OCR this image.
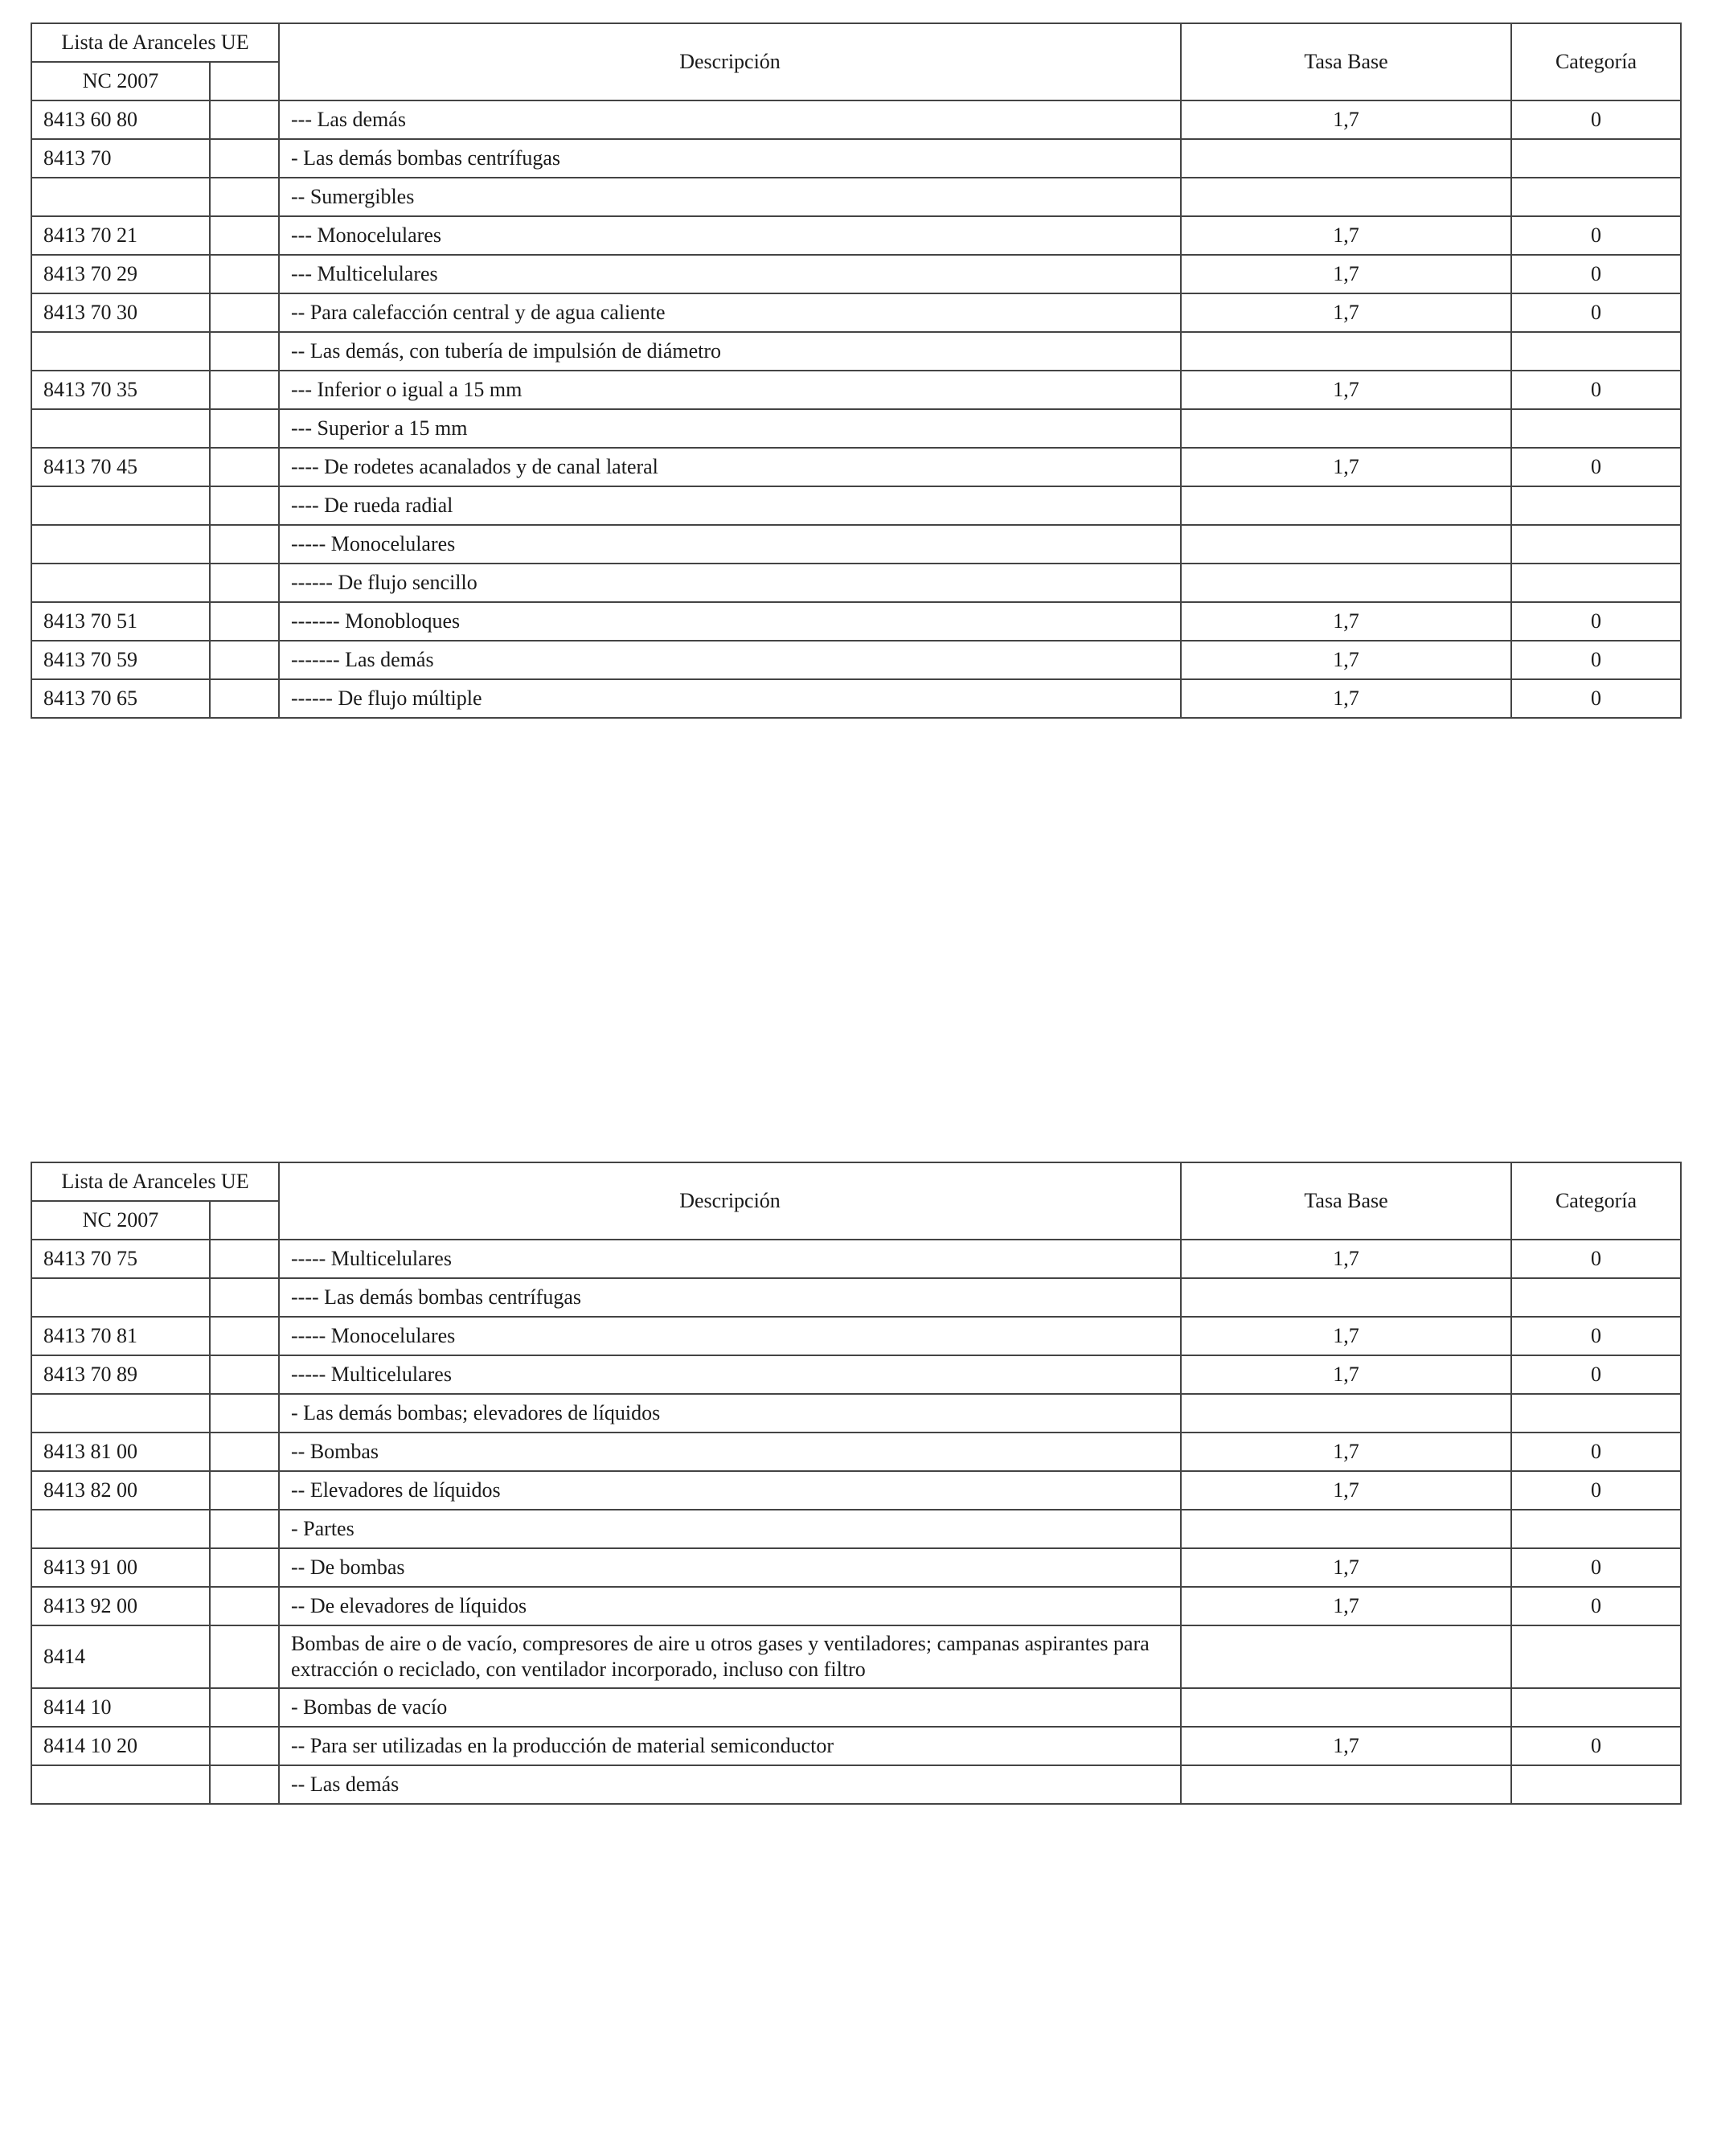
Lista de Aranceles UE		Descripción	Tasa Base	Categoría
NC 2007				
8413 60 80		--- Las demás	1,7	0
8413 70		- Las demás bombas centrífugas		
		-- Sumergibles		
8413 70 21		--- Monocelulares	1,7	0
8413 70 29		--- Multicelulares	1,7	0
8413 70 30		-- Para calefacción central y de agua caliente	1,7	0
		-- Las demás, con tubería de impulsión de diámetro		
8413 70 35		--- Inferior o igual a 15 mm	1,7	0
		--- Superior a 15 mm		
8413 70 45		---- De rodetes acanalados y de canal lateral	1,7	0
		---- De rueda radial		
		----- Monocelulares		
		------ De flujo sencillo		
8413 70 51		------- Monobloques	1,7	0
8413 70 59		------- Las demás	1,7	0
8413 70 65		------ De flujo múltiple	1,7	0
Lista de Aranceles UE		Descripción	Tasa Base	Categoría
NC 2007				
8413 70 75		----- Multicelulares	1,7	0
		---- Las demás bombas centrífugas		
8413 70 81		----- Monocelulares	1,7	0
8413 70 89		----- Multicelulares	1,7	0
		- Las demás bombas; elevadores de líquidos		
8413 81 00		-- Bombas	1,7	0
8413 82 00		-- Elevadores de líquidos	1,7	0
		- Partes		
8413 91 00		-- De bombas	1,7	0
8413 92 00		-- De elevadores de líquidos	1,7	0
8414		Bombas de aire o de vacío, compresores de aire u otros gases y ventiladores; campanas aspirantes para extracción o reciclado, con ventilador incorporado, incluso con filtro		
8414 10		- Bombas de vacío		
8414 10 20		-- Para ser utilizadas en la producción de material semiconductor	1,7	0
		-- Las demás		
